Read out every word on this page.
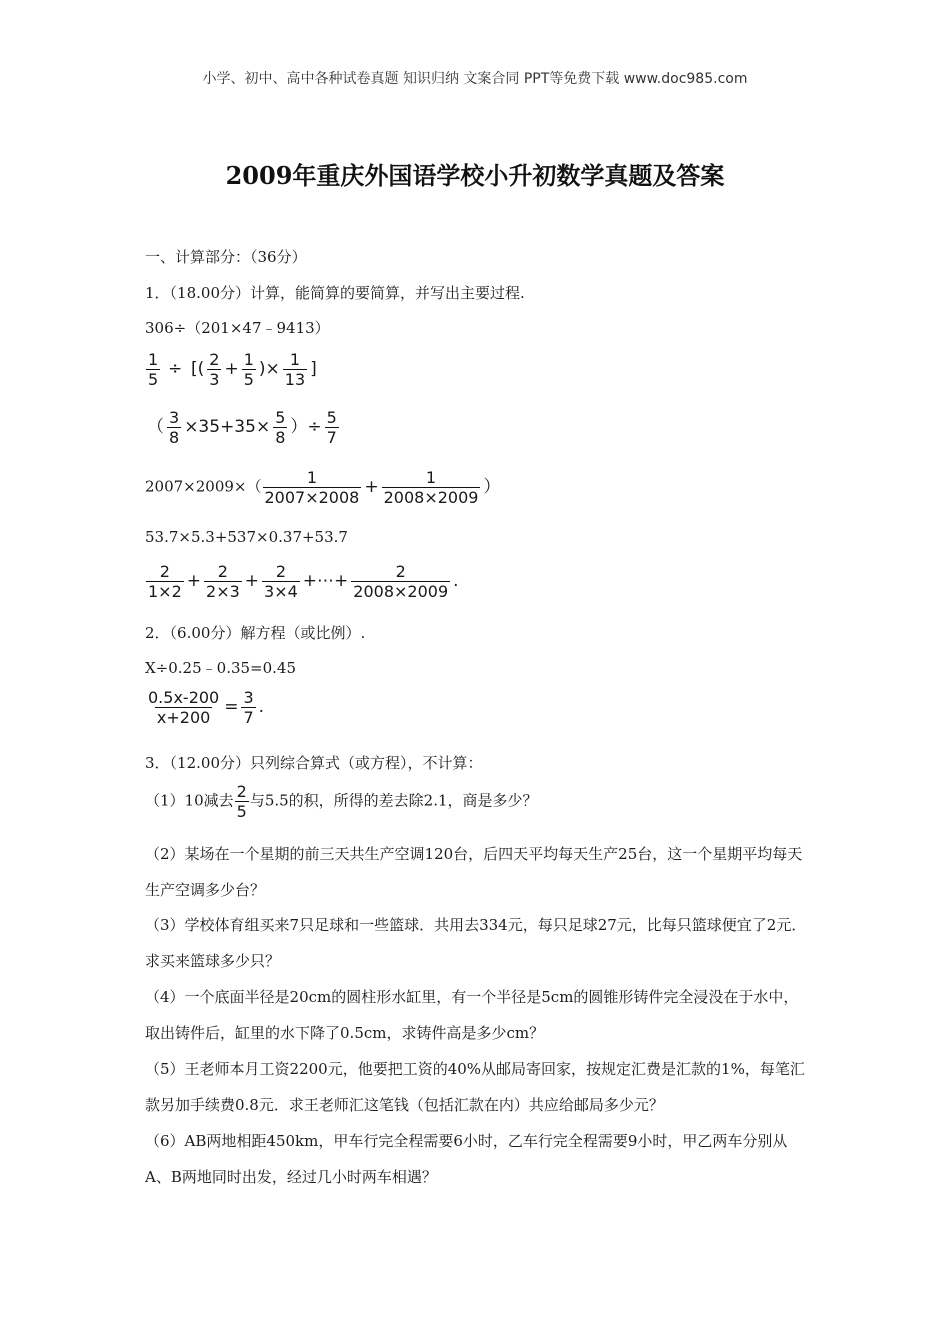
小学、初中、高中各种试卷真题 知识归纳 文案合同 PPT等免费下载 www.doc985.com
2009年重庆外国语学校小升初数学真题及答案
一、计算部分：（36分）
1．（18.00分）计算，能简算的要简算，并写出主要过程.
306÷（201×47﹣9413）
$\frac{1}{5}$ ÷ [( $\frac{2}{3} + \frac{1}{5}$ )× $\frac{1}{13}$ ]
（ $\frac{3}{8} \times 35+35\times \frac{5}{8}$ ）÷ $\frac{5}{7}$
$2007\times 2009\times( \frac{1}{2007\times 2008} + \frac{1}{2008\times 2009}$ ）
53.7×5.3+537×0.37+53.7
$\frac{2}{1\times 2} + \frac{2}{2\times 3} + \frac{2}{3\times 4}$ +⋯+ $\frac{2}{2008\times 2009}$ .
2．（6.00分）解方程（或比例）.
X÷0.25﹣0.35=0.45
$\frac{0.5x-200}{x+200} = \frac{3}{7}$ .
3．（12.00分）只列综合算式（或方程），不计算：
（1）10减去 $\frac{2}{5}$ 与5.5的积，所得的差去除2.1，商是多少？
（2）某场在一个星期的前三天共生产空调120台，后四天平均每天生产25台，这一个星期平均每天生产空调多少台？
（3）学校体育组买来7只足球和一些篮球．共用去334元，每只足球27元，比每只篮球便宜了2元．求买来篮球多少只？
（4）一个底面半径是20cm的圆柱形水缸里，有一个半径是5cm的圆锥形铸件完全浸没在于水中，取出铸件后，缸里的水下降了0.5cm，求铸件高是多少cm？
（5）王老师本月工资2200元，他要把工资的40%从邮局寄回家，按规定汇费是汇款的1%，每笔汇款另加手续费0.8元．求王老师汇这笔钱（包括汇款在内）共应给邮局多少元？
（6）AB两地相距450km，甲车行完全程需要6小时，乙车行完全程需要9小时，甲乙两车分别从A、B两地同时出发，经过几小时两车相遇？
